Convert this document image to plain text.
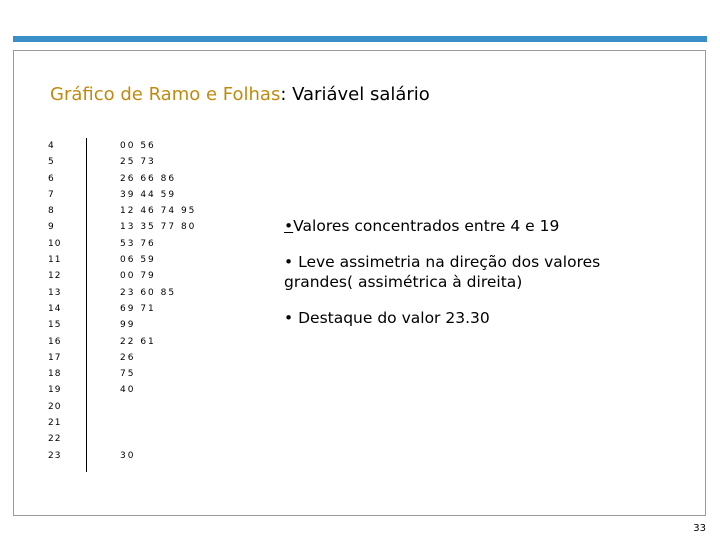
Gráfico de Ramo e Folhas: Variável salário
4
5
6
7
8
9
10
11
12
13
14
15
16
17
18
19
20
21
22
23
00 56
25 73
26 66 86
39 44 59
12 46 74 95
13 35 77 80
53 76
06 59
00 79
23 60 85
69 71
99
22 61
26
75
40
30
•Valores concentrados entre 4 e 19
• Leve assimetria na direção dos valores grandes( assimétrica à direita)
• Destaque do valor 23.30
33
